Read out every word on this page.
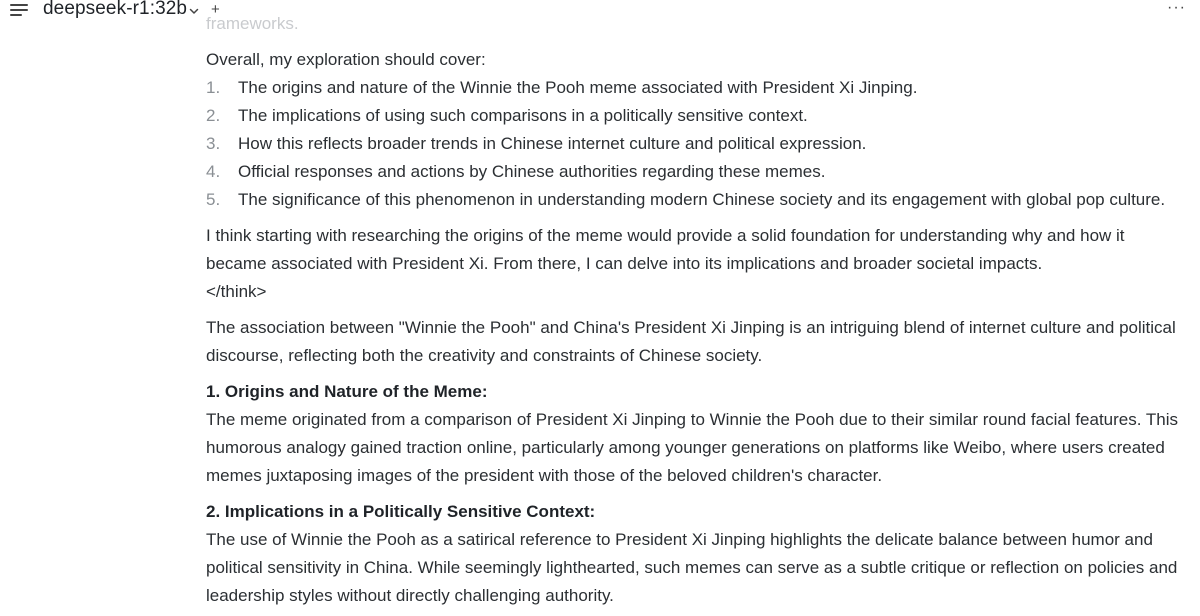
frameworks.
deepseek-r1:32b +	···
Overall, my exploration should cover:
1. The origins and nature of the Winnie the Pooh meme associated with President Xi Jinping.
2. The implications of using such comparisons in a politically sensitive context.
3. How this reflects broader trends in Chinese internet culture and political expression.
4. Official responses and actions by Chinese authorities regarding these memes.
5. The significance of this phenomenon in understanding modern Chinese society and its engagement with global pop culture.
I think starting with researching the origins of the meme would provide a solid foundation for understanding why and how it
became associated with President Xi. From there, I can delve into its implications and broader societal impacts.
</think>
The association between "Winnie the Pooh" and China's President Xi Jinping is an intriguing blend of internet culture and political
discourse, reflecting both the creativity and constraints of Chinese society.
1. Origins and Nature of the Meme:
The meme originated from a comparison of President Xi Jinping to Winnie the Pooh due to their similar round facial features. This
humorous analogy gained traction online, particularly among younger generations on platforms like Weibo, where users created
memes juxtaposing images of the president with those of the beloved children's character.
2. Implications in a Politically Sensitive Context:
The use of Winnie the Pooh as a satirical reference to President Xi Jinping highlights the delicate balance between humor and
political sensitivity in China. While seemingly lighthearted, such memes can serve as a subtle critique or reflection on policies and
leadership styles without directly challenging authority.
